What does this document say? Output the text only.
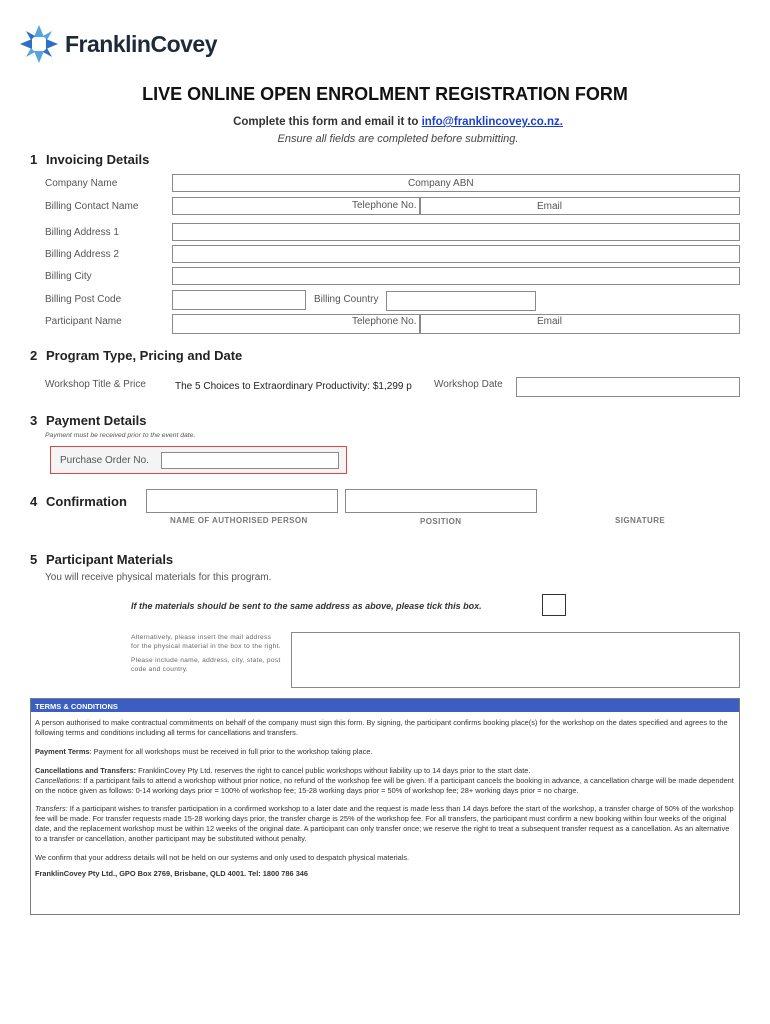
FranklinCovey
LIVE ONLINE OPEN ENROLMENT REGISTRATION FORM
Complete this form and email it to info@franklincovey.co.nz.
Ensure all fields are completed before submitting.
1 Invoicing Details
Company Name	Company ABN
Billing Contact Name	Telephone No.	Email
Billing Address 1
Billing Address 2
Billing City
Billing Post Code	Billing Country
Participant Name	Telephone No.	Email
2 Program Type, Pricing and Date
Workshop Title & Price	The 5 Choices to Extraordinary Productivity: $1,299 p Workshop Date
3 Payment Details
Payment must be received prior to the event date.
Purchase Order No.
4 Confirmation
NAME OF AUTHORISED PERSON	POSITION	SIGNATURE
5 Participant Materials
You will receive physical materials for this program.
If the materials should be sent to the same address as above, please tick this box.
Alternatively, please insert the mail address for the physical material in the box to the right.
Please include name, address, city, state, post code and country.
TERMS & CONDITIONS

A person authorised to make contractual commitments on behalf of the company must sign this form. By signing, the participant confirms booking place(s) for the workshop on the dates specified and agrees to the following terms and conditions including all terms for cancellations and transfers.

Payment Terms: Payment for all workshops must be received in full prior to the workshop taking place.

Cancellations and Transfers: FranklinCovey Pty Ltd. reserves the right to cancel public workshops without liability up to 14 days prior to the start date.
Cancellations: If a participant fails to attend a workshop without prior notice, no refund of the workshop fee will be given. If a participant cancels the booking in advance, a cancellation charge will be made dependent on the notice given as follows: 0-14 working days prior = 100% of workshop fee; 15-28 working days prior = 50% of workshop fee; 28+ working days prior = no charge.

Transfers: If a participant wishes to transfer participation in a confirmed workshop to a later date and the request is made less than 14 days before the start of the workshop, a transfer charge of 50% of the workshop fee will be made. For transfer requests made 15-28 working days prior, the transfer charge is 25% of the workshop fee. For all transfers, the participant must confirm a new booking within four weeks of the original date, and the replacement workshop must be within 12 weeks of the original date. A participant can only transfer once; we reserve the right to treat a subsequent transfer request as a cancellation. As an alternative to a transfer or cancellation, another participant may be substituted without penalty.

We confirm that your address details will not be held on our systems and only used to despatch physical materials.

FranklinCovey Pty Ltd., GPO Box 2769, Brisbane, QLD 4001. Tel: 1800 786 346
